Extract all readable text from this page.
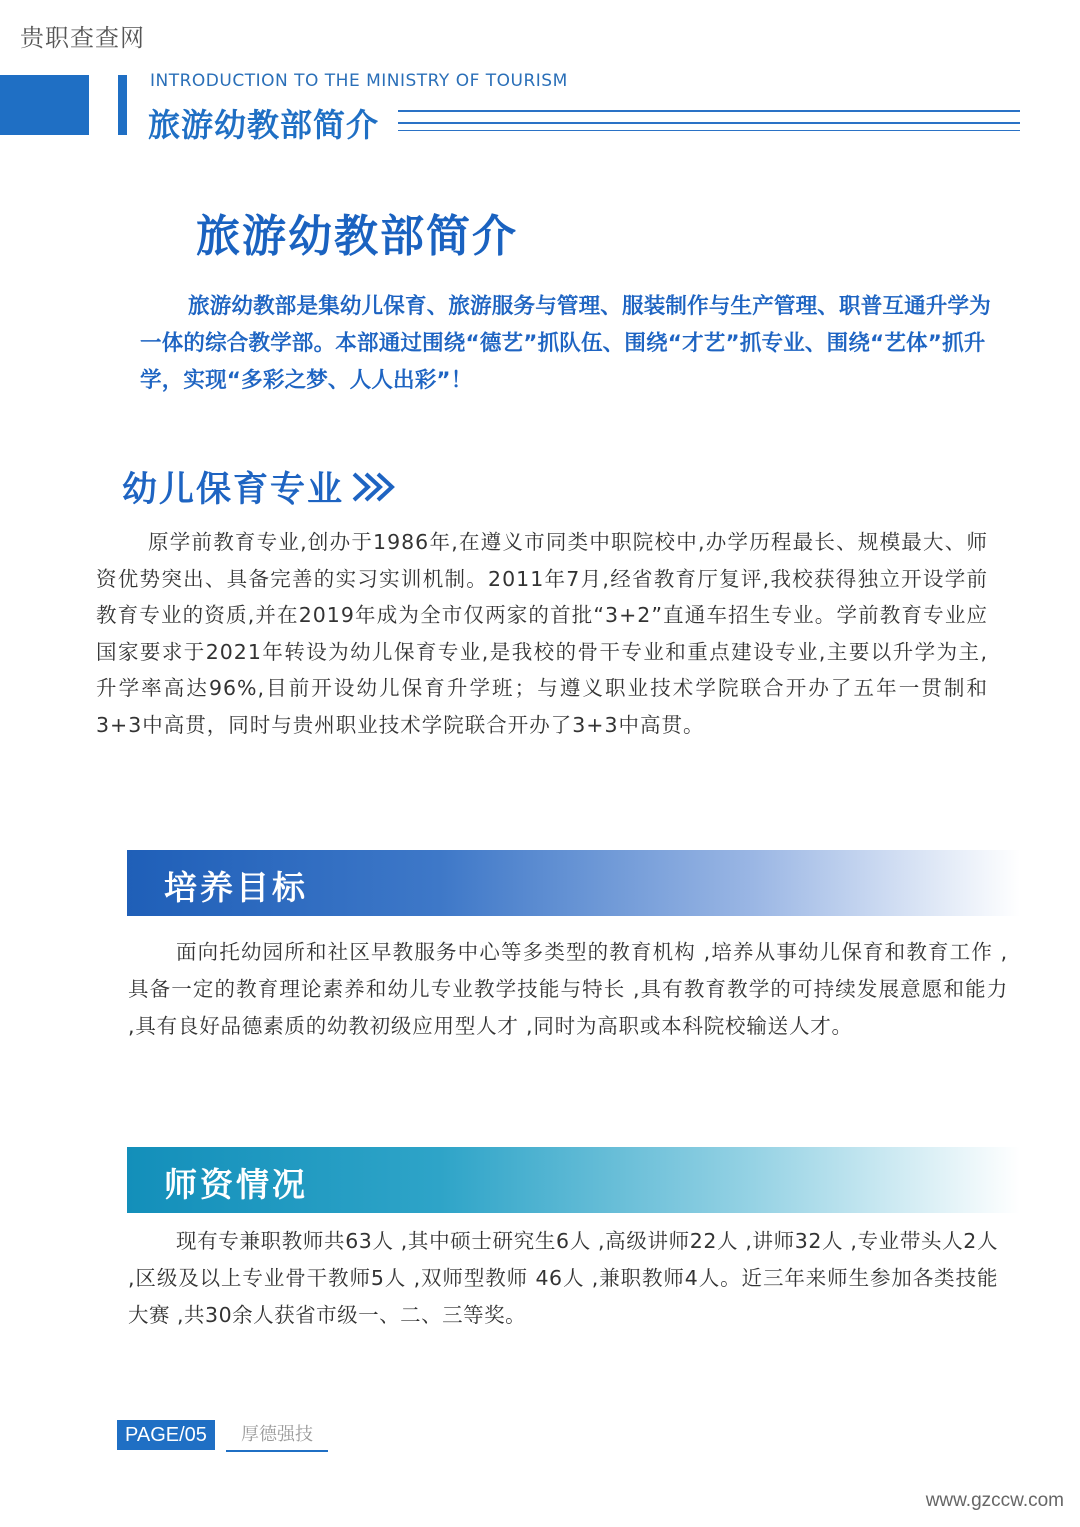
贵职查查网
INTRODUCTION TO THE MINISTRY OF TOURISM
旅游幼教部简介
旅游幼教部简介
旅游幼教部是集幼儿保育、旅游服务与管理、服装制作与生产管理、职普互通升学为一体的综合教学部。本部通过围绕“德艺”抓队伍、围绕“才艺”抓专业、围绕“艺体”抓升学，实现“多彩之梦、人人出彩”！
幼儿保育专业
原学前教育专业,创办于1986年,在遵义市同类中职院校中,办学历程最长、规模最大、师资优势突出、具备完善的实习实训机制。2011年7月,经省教育厅复评,我校获得独立开设学前教育专业的资质,并在2019年成为全市仅两家的首批“3+2”直通车招生专业。学前教育专业应国家要求于2021年转设为幼儿保育专业,是我校的骨干专业和重点建设专业,主要以升学为主,升学率高达96%,目前开设幼儿保育升学班；与遵义职业技术学院联合开办了五年一贯制和3+3中高贯，同时与贵州职业技术学院联合开办了3+3中高贯。
培养目标
面向托幼园所和社区早教服务中心等多类型的教育机构 ,培养从事幼儿保育和教育工作 ,具备一定的教育理论素养和幼儿专业教学技能与特长 ,具有教育教学的可持续发展意愿和能力 ,具有良好品德素质的幼教初级应用型人才 ,同时为高职或本科院校输送人才。
师资情况
现有专兼职教师共63人 ,其中硕士研究生6人 ,高级讲师22人 ,讲师32人 ,专业带头人2人 ,区级及以上专业骨干教师5人 ,双师型教师 46人 ,兼职教师4人。近三年来师生参加各类技能大赛 ,共30余人获省市级一、二、三等奖。
PAGE/05	厚德强技
www.gzccw.com
